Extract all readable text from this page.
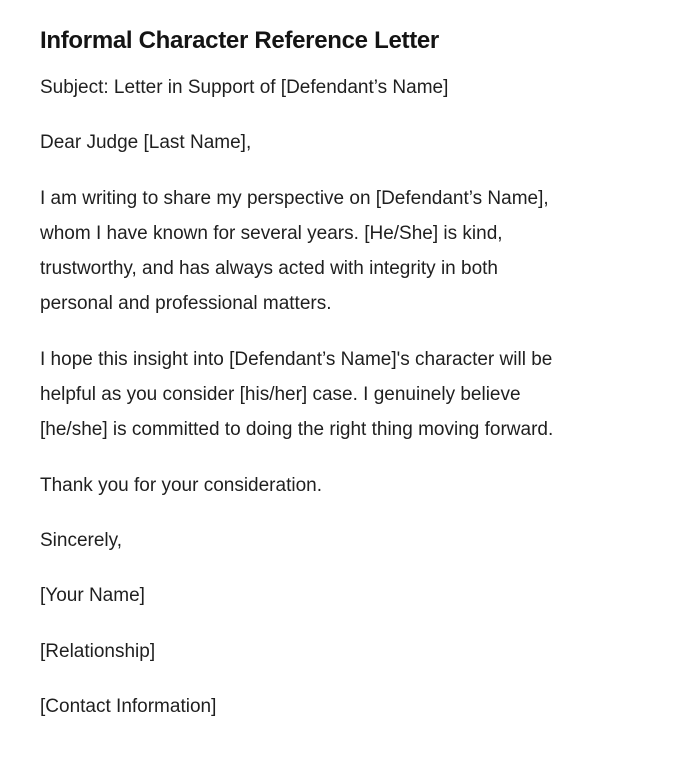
Informal Character Reference Letter

Subject: Letter in Support of [Defendant’s Name]

Dear Judge [Last Name],

I am writing to share my perspective on [Defendant’s Name],
whom I have known for several years. [He/She] is kind,
trustworthy, and has always acted with integrity in both
personal and professional matters.

I hope this insight into [Defendant’s Name]'s character will be
helpful as you consider [his/her] case. I genuinely believe
[he/she] is committed to doing the right thing moving forward.

Thank you for your consideration.

Sincerely,

[Your Name]

[Relationship]

[Contact Information]
